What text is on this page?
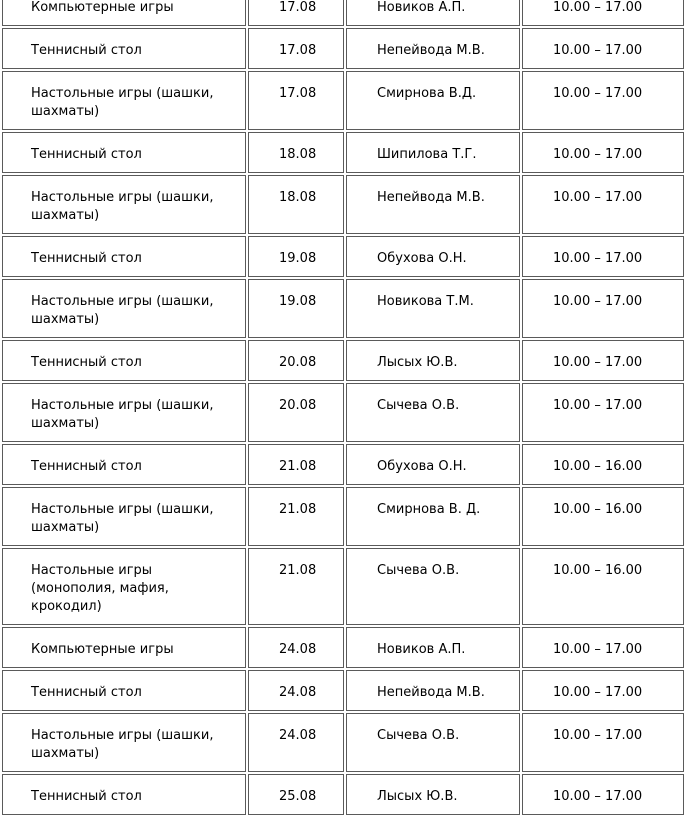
Компьютерные игры	17.08	Новиков А.П.	10.00 – 17.00
Теннисный стол	17.08	Непейвода М.В.	10.00 – 17.00
Настольные игры (шашки,
шахматы)	17.08	Смирнова В.Д.	10.00 – 17.00
Теннисный стол	18.08	Шипилова Т.Г.	10.00 – 17.00
Настольные игры (шашки,
шахматы)	18.08	Непейвода М.В.	10.00 – 17.00
Теннисный стол	19.08	Обухова О.Н.	10.00 – 17.00
Настольные игры (шашки,
шахматы)	19.08	Новикова Т.М.	10.00 – 17.00
Теннисный стол	20.08	Лысых Ю.В.	10.00 – 17.00
Настольные игры (шашки,
шахматы)	20.08	Сычева О.В.	10.00 – 17.00
Теннисный стол	21.08	Обухова О.Н.	10.00 – 16.00
Настольные игры (шашки,
шахматы)	21.08	Смирнова В. Д.	10.00 – 16.00
Настольные игры
(монополия, мафия,
крокодил)	21.08	Сычева О.В.	10.00 – 16.00
Компьютерные игры	24.08	Новиков А.П.	10.00 – 17.00
Теннисный стол	24.08	Непейвода М.В.	10.00 – 17.00
Настольные игры (шашки,
шахматы)	24.08	Сычева О.В.	10.00 – 17.00
Теннисный стол	25.08	Лысых Ю.В.	10.00 – 17.00
